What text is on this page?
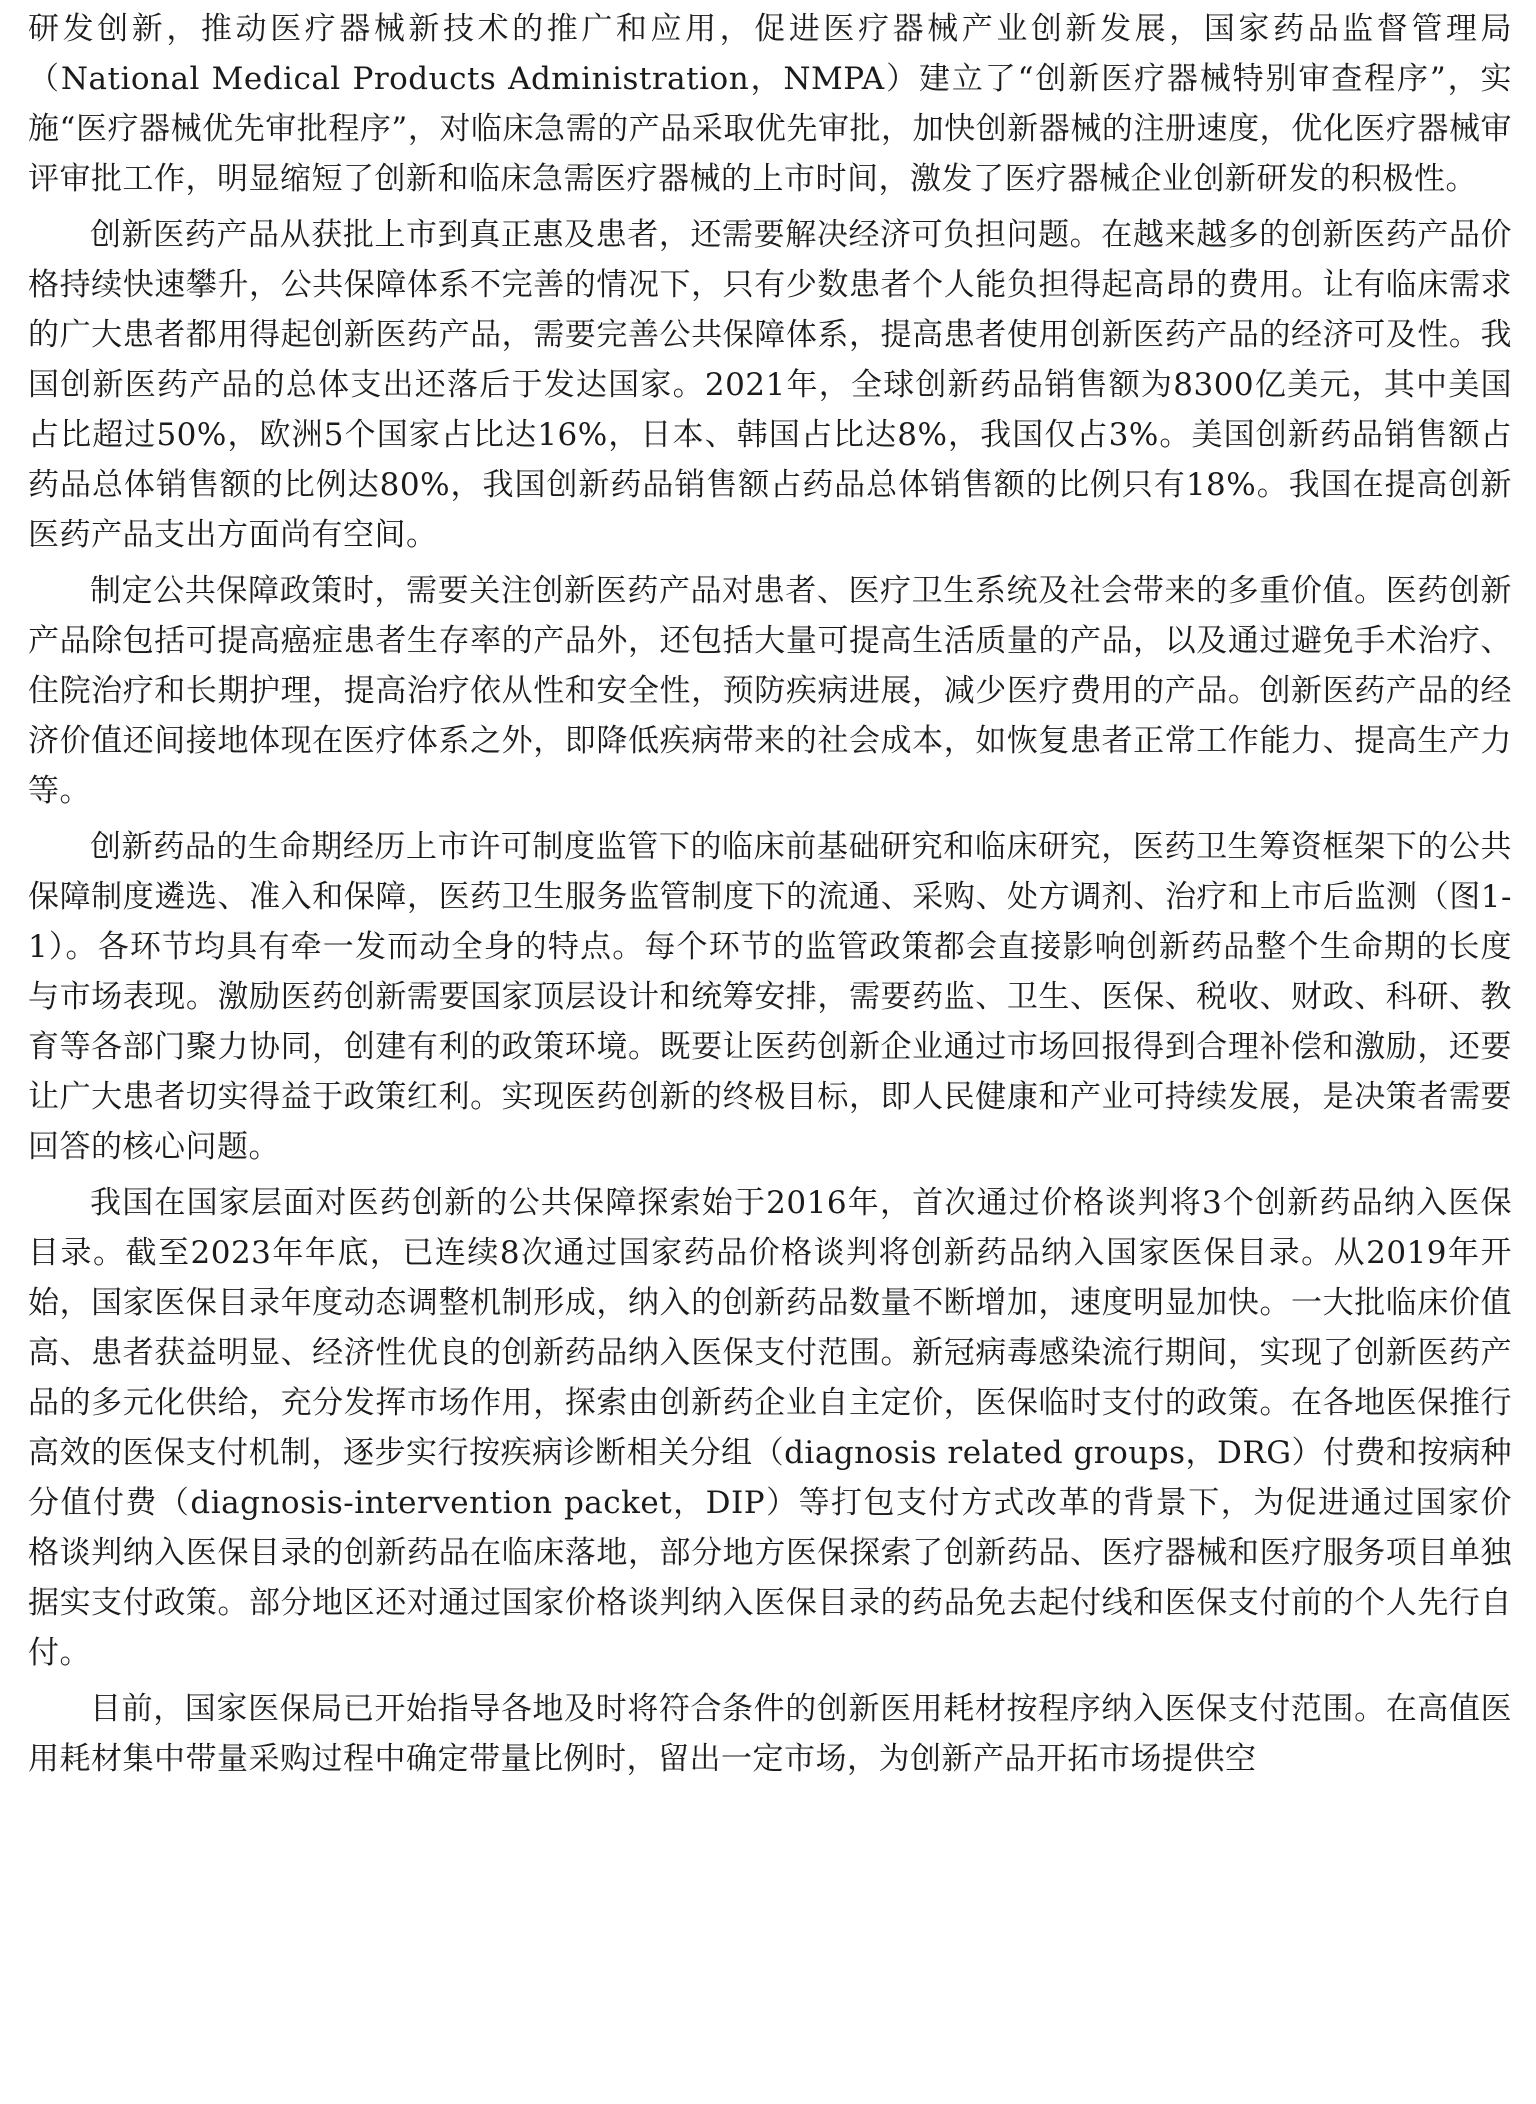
研发创新，推动医疗器械新技术的推广和应用，促进医疗器械产业创新发展，国家药品监督管理局（National Medical Products Administration，NMPA）建立了“创新医疗器械特别审查程序”，实施“医疗器械优先审批程序”，对临床急需的产品采取优先审批，加快创新器械的注册速度，优化医疗器械审评审批工作，明显缩短了创新和临床急需医疗器械的上市时间，激发了医疗器械企业创新研发的积极性。

创新医药产品从获批上市到真正惠及患者，还需要解决经济可负担问题。在越来越多的创新医药产品价格持续快速攀升，公共保障体系不完善的情况下，只有少数患者个人能负担得起高昂的费用。让有临床需求的广大患者都用得起创新医药产品，需要完善公共保障体系，提高患者使用创新医药产品的经济可及性。我国创新医药产品的总体支出还落后于发达国家。2021年，全球创新药品销售额为8300亿美元，其中美国占比超过50%，欧洲5个国家占比达16%，日本、韩国占比达8%，我国仅占3%。美国创新药品销售额占药品总体销售额的比例达80%，我国创新药品销售额占药品总体销售额的比例只有18%。我国在提高创新医药产品支出方面尚有空间。

制定公共保障政策时，需要关注创新医药产品对患者、医疗卫生系统及社会带来的多重价值。医药创新产品除包括可提高癌症患者生存率的产品外，还包括大量可提高生活质量的产品，以及通过避免手术治疗、住院治疗和长期护理，提高治疗依从性和安全性，预防疾病进展，减少医疗费用的产品。创新医药产品的经济价值还间接地体现在医疗体系之外，即降低疾病带来的社会成本，如恢复患者正常工作能力、提高生产力等。

创新药品的生命期经历上市许可制度监管下的临床前基础研究和临床研究，医药卫生筹资框架下的公共保障制度遴选、准入和保障，医药卫生服务监管制度下的流通、采购、处方调剂、治疗和上市后监测（图1-1）。各环节均具有牵一发而动全身的特点。每个环节的监管政策都会直接影响创新药品整个生命期的长度与市场表现。激励医药创新需要国家顶层设计和统筹安排，需要药监、卫生、医保、税收、财政、科研、教育等各部门聚力协同，创建有利的政策环境。既要让医药创新企业通过市场回报得到合理补偿和激励，还要让广大患者切实得益于政策红利。实现医药创新的终极目标，即人民健康和产业可持续发展，是决策者需要回答的核心问题。

我国在国家层面对医药创新的公共保障探索始于2016年，首次通过价格谈判将3个创新药品纳入医保目录。截至2023年年底，已连续8次通过国家药品价格谈判将创新药品纳入国家医保目录。从2019年开始，国家医保目录年度动态调整机制形成，纳入的创新药品数量不断增加，速度明显加快。一大批临床价值高、患者获益明显、经济性优良的创新药品纳入医保支付范围。新冠病毒感染流行期间，实现了创新医药产品的多元化供给，充分发挥市场作用，探索由创新药企业自主定价，医保临时支付的政策。在各地医保推行高效的医保支付机制，逐步实行按疾病诊断相关分组（diagnosis related groups，DRG）付费和按病种分值付费（diagnosis-intervention packet，DIP）等打包支付方式改革的背景下，为促进通过国家价格谈判纳入医保目录的创新药品在临床落地，部分地方医保探索了创新药品、医疗器械和医疗服务项目单独据实支付政策。部分地区还对通过国家价格谈判纳入医保目录的药品免去起付线和医保支付前的个人先行自付。

目前，国家医保局已开始指导各地及时将符合条件的创新医用耗材按程序纳入医保支付范围。在高值医用耗材集中带量采购过程中确定带量比例时，留出一定市场，为创新产品开拓市场提供空
